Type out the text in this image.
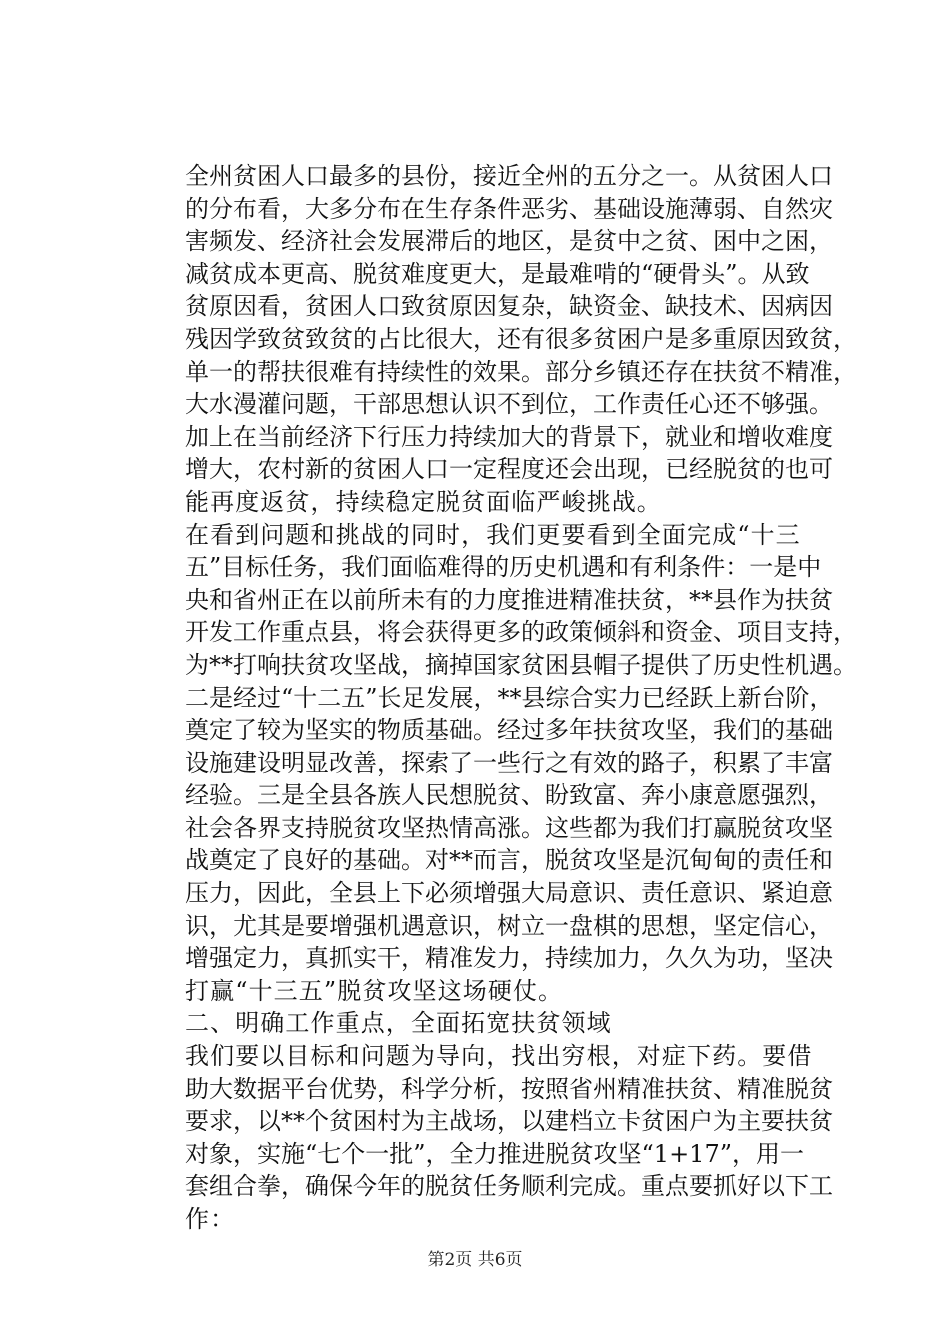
全州贫困人口最多的县份，接近全州的五分之一。从贫困人口
的分布看，大多分布在生存条件恶劣、基础设施薄弱、自然灾
害频发、经济社会发展滞后的地区，是贫中之贫、困中之困，
减贫成本更高、脱贫难度更大，是最难啃的“硬骨头”。从致
贫原因看，贫困人口致贫原因复杂，缺资金、缺技术、因病因
残因学致贫致贫的占比很大，还有很多贫困户是多重原因致贫，
单一的帮扶很难有持续性的效果。部分乡镇还存在扶贫不精准，
大水漫灌问题，干部思想认识不到位，工作责任心还不够强。
加上在当前经济下行压力持续加大的背景下，就业和增收难度
增大，农村新的贫困人口一定程度还会出现，已经脱贫的也可
能再度返贫，持续稳定脱贫面临严峻挑战。
在看到问题和挑战的同时，我们更要看到全面完成“十三
五”目标任务，我们面临难得的历史机遇和有利条件：一是中
央和省州正在以前所未有的力度推进精准扶贫，**县作为扶贫
开发工作重点县，将会获得更多的政策倾斜和资金、项目支持，
为**打响扶贫攻坚战，摘掉国家贫困县帽子提供了历史性机遇。
二是经过“十二五”长足发展，**县综合实力已经跃上新台阶，
奠定了较为坚实的物质基础。经过多年扶贫攻坚，我们的基础
设施建设明显改善，探索了一些行之有效的路子，积累了丰富
经验。三是全县各族人民想脱贫、盼致富、奔小康意愿强烈，
社会各界支持脱贫攻坚热情高涨。这些都为我们打赢脱贫攻坚
战奠定了良好的基础。对**而言，脱贫攻坚是沉甸甸的责任和
压力，因此，全县上下必须增强大局意识、责任意识、紧迫意
识，尤其是要增强机遇意识，树立一盘棋的思想，坚定信心，
增强定力，真抓实干，精准发力，持续加力，久久为功，坚决
打赢“十三五”脱贫攻坚这场硬仗。
二、明确工作重点，全面拓宽扶贫领域
我们要以目标和问题为导向，找出穷根，对症下药。要借
助大数据平台优势，科学分析，按照省州精准扶贫、精准脱贫
要求，以**个贫困村为主战场，以建档立卡贫困户为主要扶贫
对象，实施“七个一批”，全力推进脱贫攻坚“1+17”，用一
套组合拳，确保今年的脱贫任务顺利完成。重点要抓好以下工
作：
第2页 共6页
